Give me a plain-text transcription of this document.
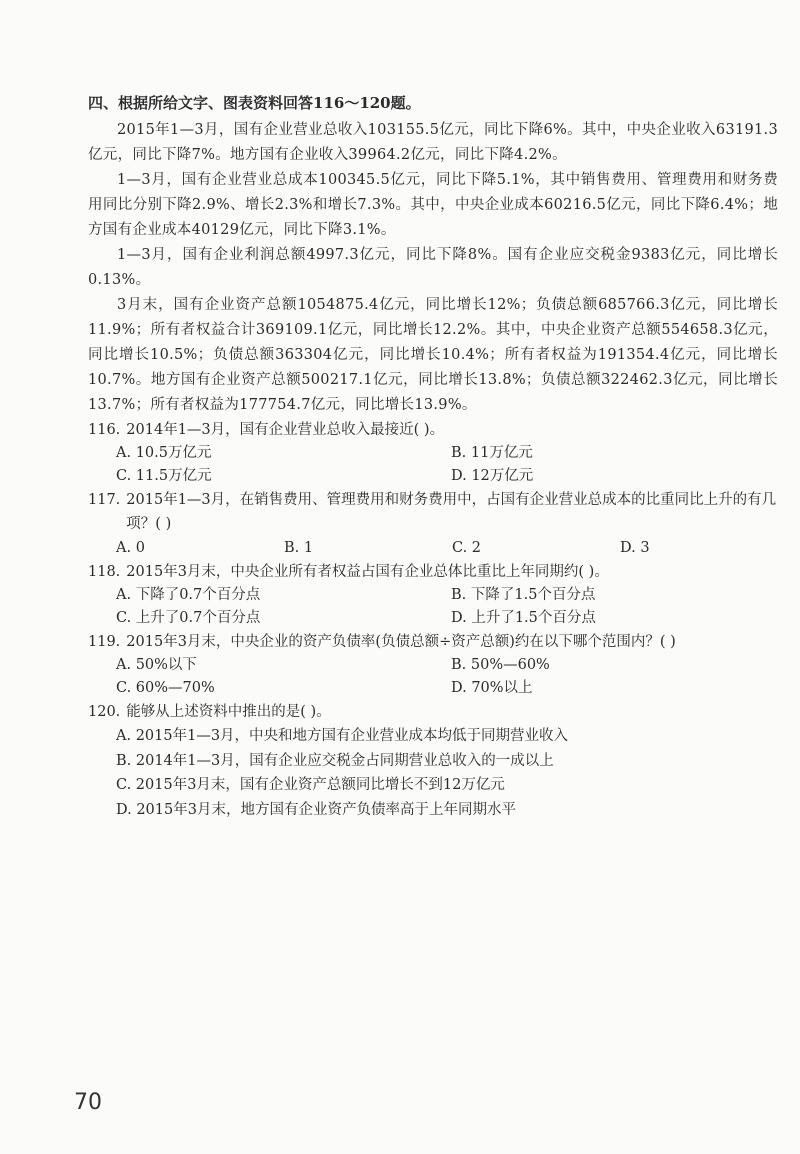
四、根据所给文字、图表资料回答116～120题。

2015年1—3月，国有企业营业总收入103155.5亿元，同比下降6%。其中，中央企业收入63191.3亿元，同比下降7%。地方国有企业收入39964.2亿元，同比下降4.2%。

1—3月，国有企业营业总成本100345.5亿元，同比下降5.1%，其中销售费用、管理费用和财务费用同比分别下降2.9%、增长2.3%和增长7.3%。其中，中央企业成本60216.5亿元，同比下降6.4%；地方国有企业成本40129亿元，同比下降3.1%。

1—3月，国有企业利润总额4997.3亿元，同比下降8%。国有企业应交税金9383亿元，同比增长0.13%。

3月末，国有企业资产总额1054875.4亿元，同比增长12%；负债总额685766.3亿元，同比增长11.9%；所有者权益合计369109.1亿元，同比增长12.2%。其中，中央企业资产总额554658.3亿元，同比增长10.5%；负债总额363304亿元，同比增长10.4%；所有者权益为191354.4亿元，同比增长10.7%。地方国有企业资产总额500217.1亿元，同比增长13.8%；负债总额322462.3亿元，同比增长13.7%；所有者权益为177754.7亿元，同比增长13.9%。

116. 2014年1—3月，国有企业营业总收入最接近( )。
A. 10.5万亿元	B. 11万亿元
C. 11.5万亿元	D. 12万亿元
117. 2015年1—3月，在销售费用、管理费用和财务费用中，占国有企业营业总成本的比重同比上升的有几项？( )
A. 0	B. 1	C. 2	D. 3
118. 2015年3月末，中央企业所有者权益占国有企业总体比重比上年同期约( )。
A. 下降了0.7个百分点	B. 下降了1.5个百分点
C. 上升了0.7个百分点	D. 上升了1.5个百分点
119. 2015年3月末，中央企业的资产负债率(负债总额÷资产总额)约在以下哪个范围内？( )
A. 50%以下	B. 50%—60%
C. 60%—70%	D. 70%以上
120. 能够从上述资料中推出的是( )。
A. 2015年1—3月，中央和地方国有企业营业成本均低于同期营业收入
B. 2014年1—3月，国有企业应交税金占同期营业总收入的一成以上
C. 2015年3月末，国有企业资产总额同比增长不到12万亿元
D. 2015年3月末，地方国有企业资产负债率高于上年同期水平
70
